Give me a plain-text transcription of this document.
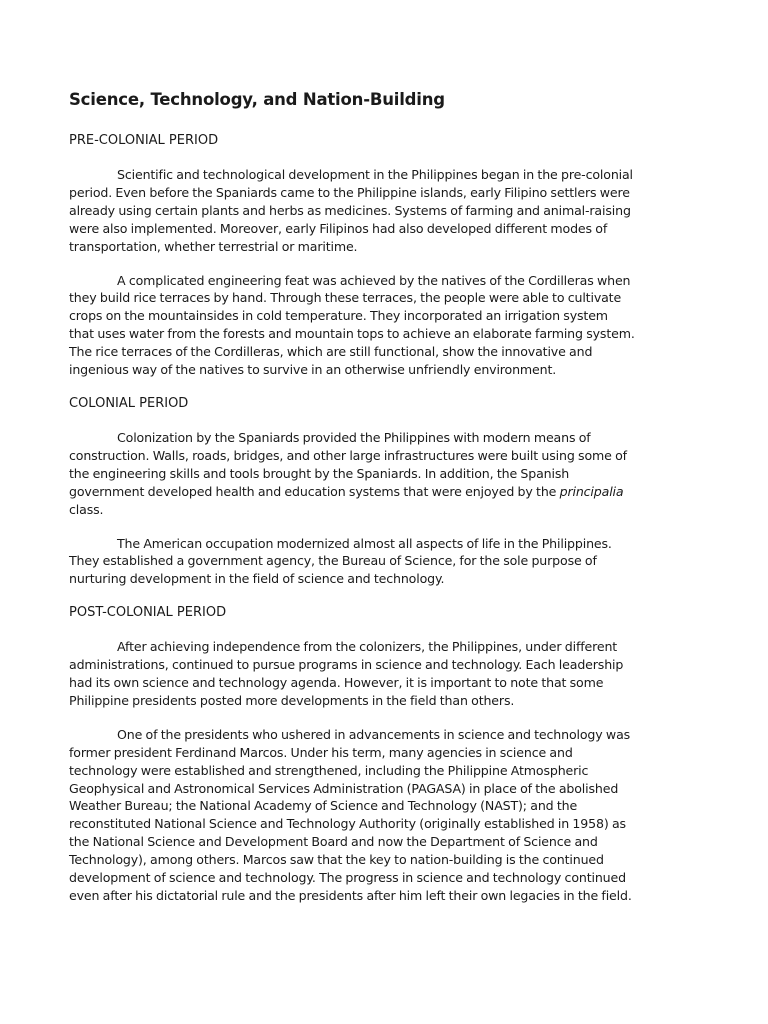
Science, Technology, and Nation-Building
PRE-COLONIAL PERIOD

Scientific and technological development in the Philippines began in the pre-colonial
period. Even before the Spaniards came to the Philippine islands, early Filipino settlers were
already using certain plants and herbs as medicines. Systems of farming and animal-raising
were also implemented. Moreover, early Filipinos had also developed different modes of
transportation, whether terrestrial or maritime.

A complicated engineering feat was achieved by the natives of the Cordilleras when
they build rice terraces by hand. Through these terraces, the people were able to cultivate
crops on the mountainsides in cold temperature. They incorporated an irrigation system
that uses water from the forests and mountain tops to achieve an elaborate farming system.
The rice terraces of the Cordilleras, which are still functional, show the innovative and
ingenious way of the natives to survive in an otherwise unfriendly environment.

COLONIAL PERIOD

Colonization by the Spaniards provided the Philippines with modern means of
construction. Walls, roads, bridges, and other large infrastructures were built using some of
the engineering skills and tools brought by the Spaniards. In addition, the Spanish
government developed health and education systems that were enjoyed by the principalia
class.

The American occupation modernized almost all aspects of life in the Philippines.
They established a government agency, the Bureau of Science, for the sole purpose of
nurturing development in the field of science and technology.

POST-COLONIAL PERIOD

After achieving independence from the colonizers, the Philippines, under different
administrations, continued to pursue programs in science and technology. Each leadership
had its own science and technology agenda. However, it is important to note that some
Philippine presidents posted more developments in the field than others.

One of the presidents who ushered in advancements in science and technology was
former president Ferdinand Marcos. Under his term, many agencies in science and
technology were established and strengthened, including the Philippine Atmospheric
Geophysical and Astronomical Services Administration (PAGASA) in place of the abolished
Weather Bureau; the National Academy of Science and Technology (NAST); and the
reconstituted National Science and Technology Authority (originally established in 1958) as
the National Science and Development Board and now the Department of Science and
Technology), among others. Marcos saw that the key to nation-building is the continued
development of science and technology. The progress in science and technology continued
even after his dictatorial rule and the presidents after him left their own legacies in the field.
